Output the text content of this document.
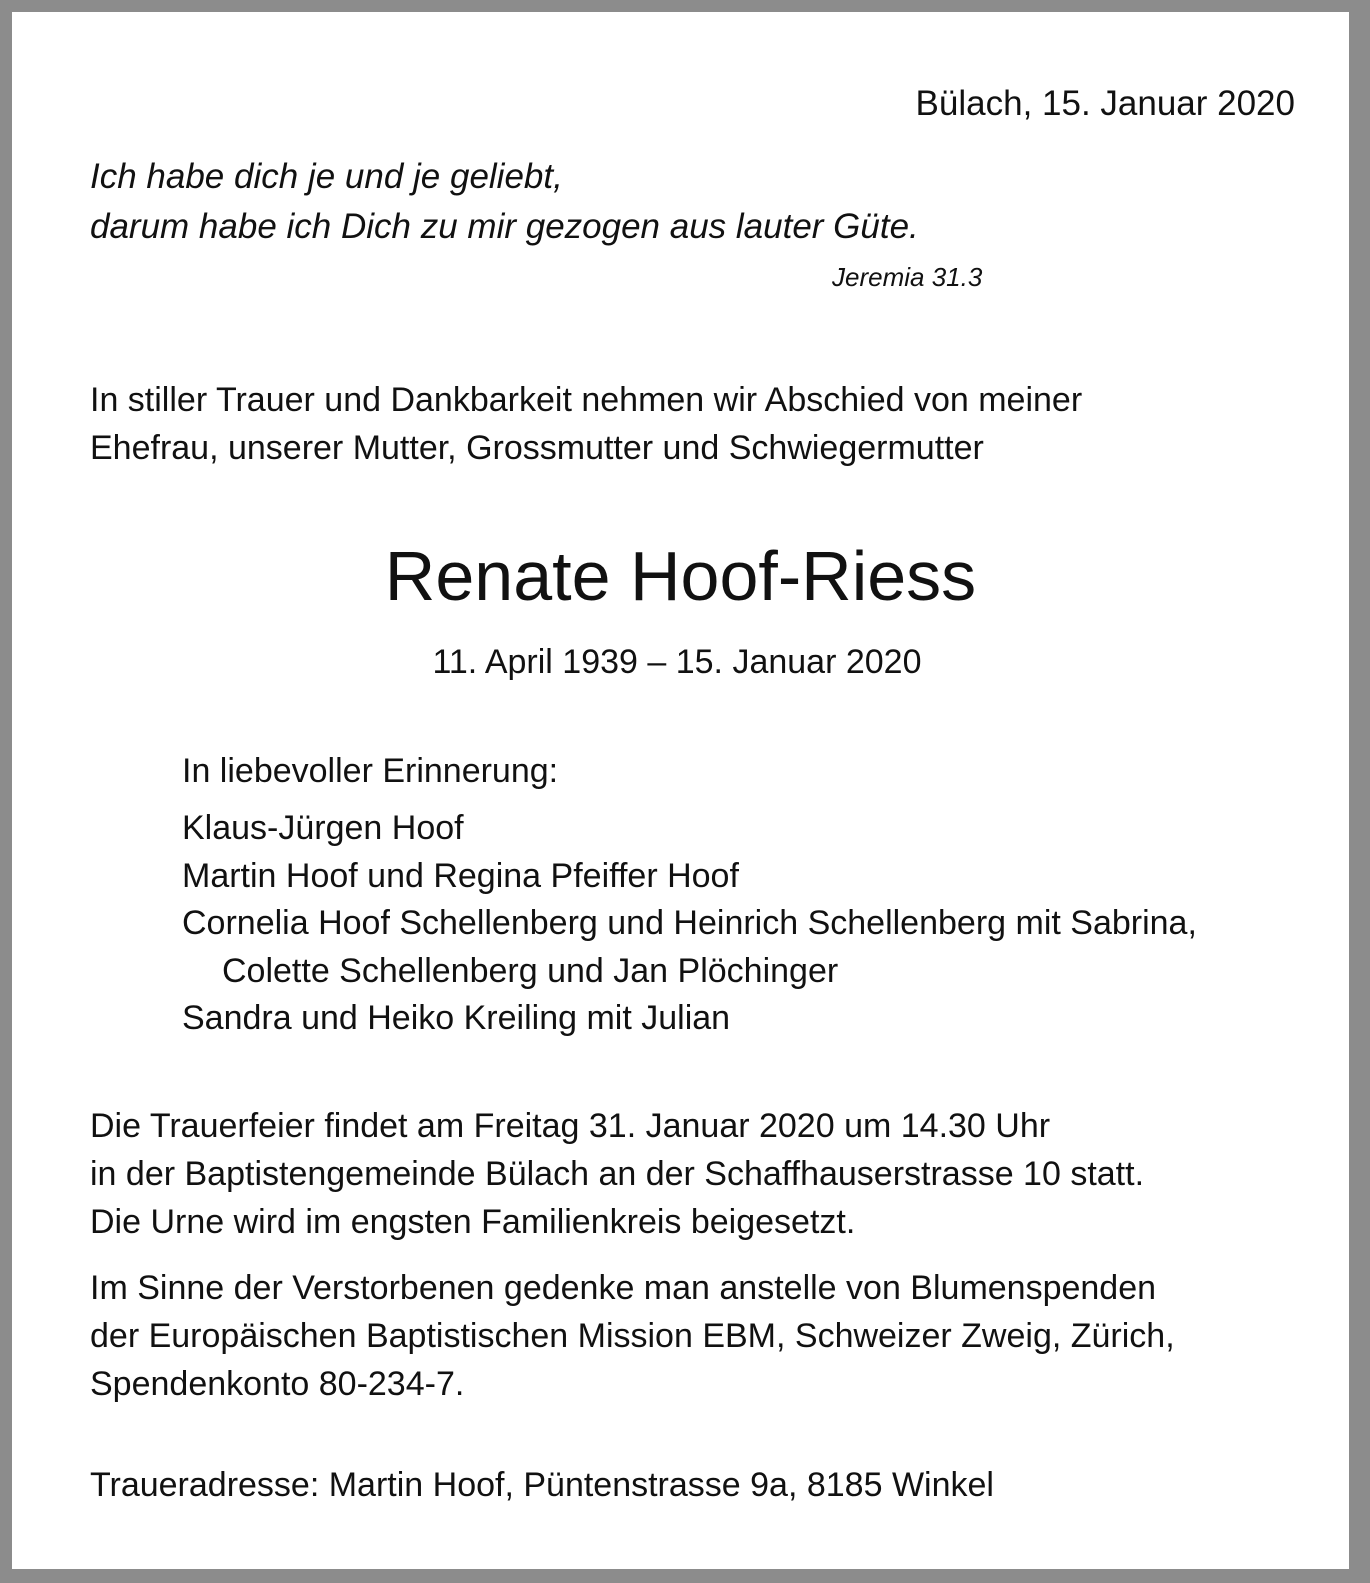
Bülach, 15. Januar 2020

Ich habe dich je und je geliebt,
darum habe ich Dich zu mir gezogen aus lauter Güte.

Jeremia 31.3

In stiller Trauer und Dankbarkeit nehmen wir Abschied von meiner
Ehefrau, unserer Mutter, Grossmutter und Schwiegermutter
Renate Hoof-Riess

11. April 1939 – 15. Januar 2020

In liebevoller Erinnerung:

Klaus-Jürgen Hoof
Martin Hoof und Regina Pfeiffer Hoof
Cornelia Hoof Schellenberg und Heinrich Schellenberg mit Sabrina,
Colette Schellenberg und Jan Plöchinger
Sandra und Heiko Kreiling mit Julian
Die Trauerfeier findet am Freitag 31. Januar 2020 um 14.30 Uhr
in der Baptistengemeinde Bülach an der Schaffhauserstrasse 10 statt.
Die Urne wird im engsten Familienkreis beigesetzt.
Im Sinne der Verstorbenen gedenke man anstelle von Blumenspenden
der Europäischen Baptistischen Mission EBM, Schweizer Zweig, Zürich,
Spendenkonto 80-234-7.

Traueradresse: Martin Hoof, Püntenstrasse 9a, 8185 Winkel
